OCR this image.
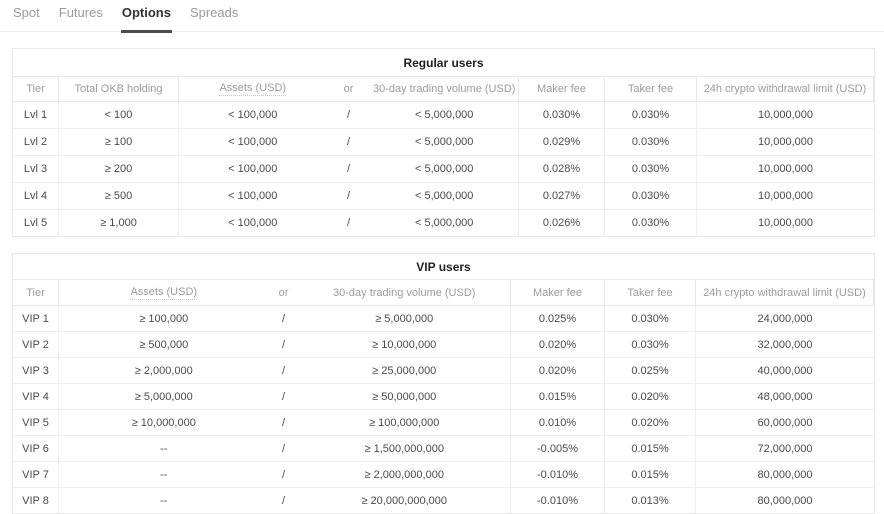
Spot Futures Options Spreads
Regular users
Tier	Total OKB holding	Assets (USD)	or	30-day trading volume (USD)	Maker fee	Taker fee	24h crypto withdrawal limit (USD)
Lvl 1	< 100	< 100,000	/	< 5,000,000	0.030%	0.030%	10,000,000
Lvl 2	≥ 100	< 100,000	/	< 5,000,000	0.029%	0.030%	10,000,000
Lvl 3	≥ 200	< 100,000	/	< 5,000,000	0.028%	0.030%	10,000,000
Lvl 4	≥ 500	< 100,000	/	< 5,000,000	0.027%	0.030%	10,000,000
Lvl 5	≥ 1,000	< 100,000	/	< 5,000,000	0.026%	0.030%	10,000,000
VIP users
Tier	Assets (USD)	or	30-day trading volume (USD)	Maker fee	Taker fee	24h crypto withdrawal limit (USD)
VIP 1	≥ 100,000	/	≥ 5,000,000	0.025%	0.030%	24,000,000
VIP 2	≥ 500,000	/	≥ 10,000,000	0.020%	0.030%	32,000,000
VIP 3	≥ 2,000,000	/	≥ 25,000,000	0.020%	0.025%	40,000,000
VIP 4	≥ 5,000,000	/	≥ 50,000,000	0.015%	0.020%	48,000,000
VIP 5	≥ 10,000,000	/	≥ 100,000,000	0.010%	0.020%	60,000,000
VIP 6	--	/	≥ 1,500,000,000	-0.005%	0.015%	72,000,000
VIP 7	--	/	≥ 2,000,000,000	-0.010%	0.015%	80,000,000
VIP 8	--	/	≥ 20,000,000,000	-0.010%	0.013%	80,000,000
